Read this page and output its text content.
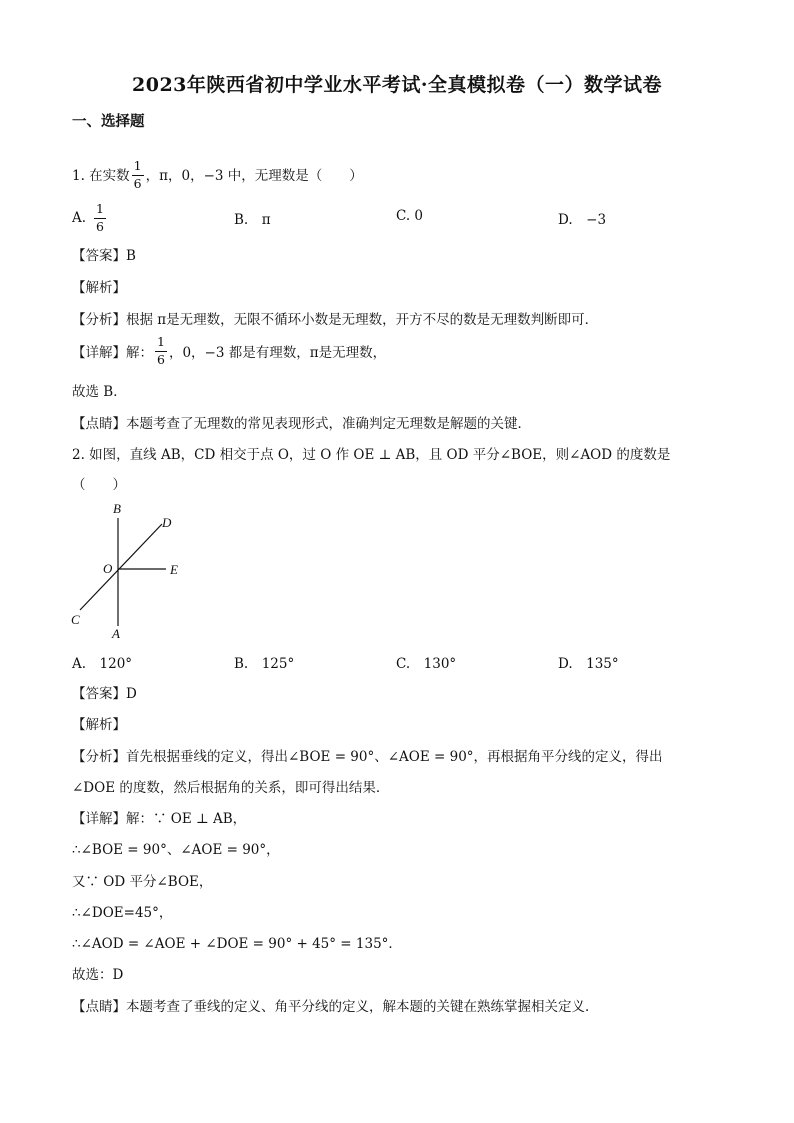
2023年陕西省初中学业水平考试·全真模拟卷（一）数学试卷
一、选择题
1. 在实数 $\frac{1}{6}$ ，π，0，−3 中，无理数是（　　）
A. $\frac{1}{6}$	B.　π	C. 0	D.　−3
【答案】B
【解析】
【分析】根据 π是无理数，无限不循环小数是无理数，开方不尽的数是无理数判断即可．
【详解】 解： $\frac{1}{6}$ ，0，−3 都是有理数，π是无理数，
故选 B．
【点睛】本题考查了无理数的常见表现形式，准确判定无理数是解题的关键．
2. 如图，直线 AB，CD 相交于点 O，过 O 作 OE ⊥ AB，且 OD 平分∠BOE，则∠AOD 的度数是
（　　）
B
D
O	E
C
A
A.　120°	B.　125°	C.　130°	D.　135°
【答案】D
【解析】
【分析】首先根据垂线的定义，得出∠BOE = 90°、∠AOE = 90°，再根据角平分线的定义，得出
∠DOE 的度数，然后根据角的关系，即可得出结果．
【详解】解：∵ OE ⊥ AB，
∴∠BOE = 90°、∠AOE = 90°，
又∵ OD 平分∠BOE，
∴∠DOE=45°，
∴∠AOD = ∠AOE + ∠DOE = 90° + 45° = 135°．
故选：D
【点睛】本题考查了垂线的定义、角平分线的定义，解本题的关键在熟练掌握相关定义．
